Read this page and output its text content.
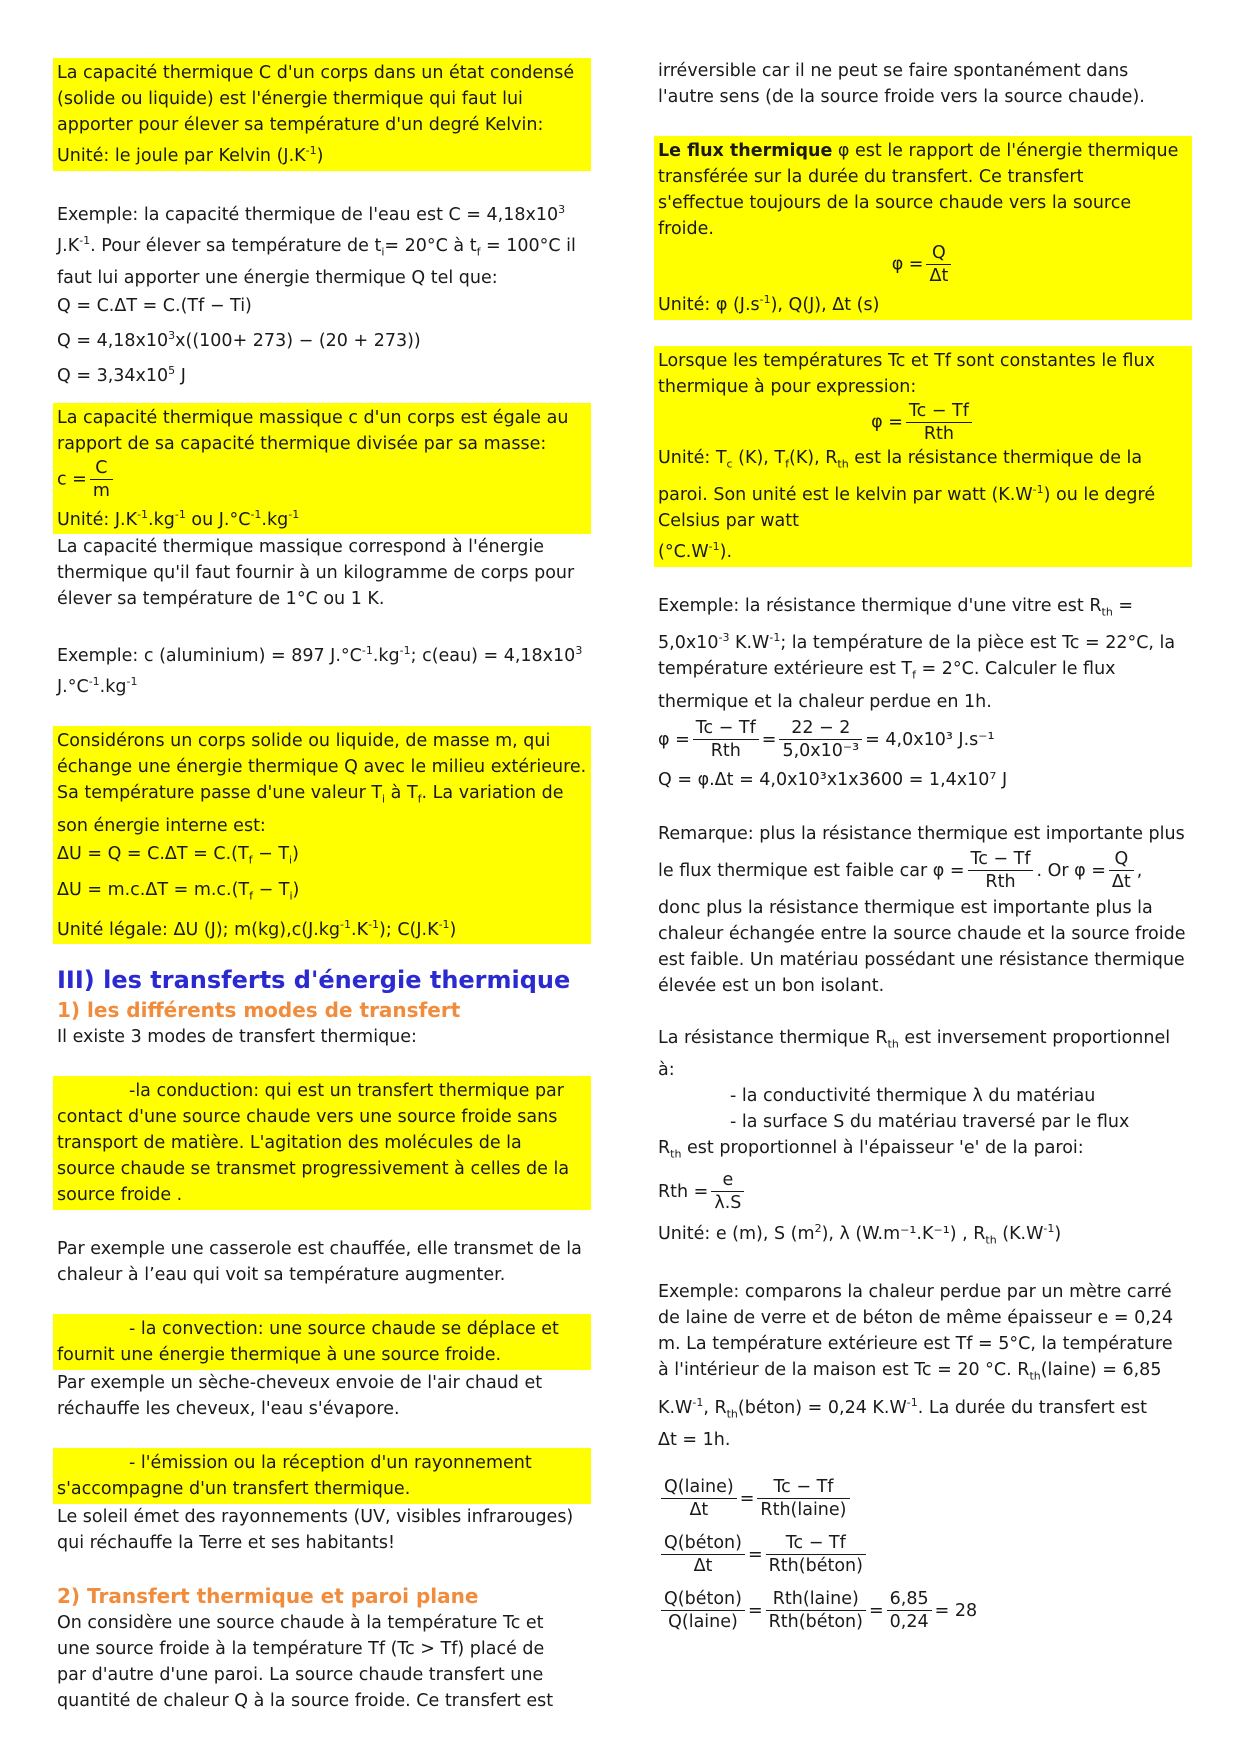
La capacité thermique C d'un corps dans un état condensé

(solide ou liquide) est l'énergie thermique qui faut lui

apporter pour élever sa température d'un degré Kelvin:

Unité: le joule par Kelvin $(J.K^{-1})$

Exemple: la capacité thermique de l'eau est $C = 4,18x10^3$

$J.K^{-1}$. Pour élever sa température de $t_i= 20^\circ C$ à $t_f = 100^\circ C$ il

faut lui apporter une énergie thermique Q tel que:

Q = C.ΔT = C.(Tf − Ti)

$Q = 4,18x10^3x((100+ 273) - (20 + 273))$

$Q = 3,34x10^5$ J

La capacité thermique massique c d'un corps est égale au

rapport de sa capacité thermique divisée par sa masse:

$c = \frac{C}{m}$

Unité: $J.K^{-1}.kg^{-1}$ ou $J.^\circ C^{-1}.kg^{-1}$

La capacité thermique massique correspond à l'énergie

thermique qu'il faut fournir à un kilogramme de corps pour

élever sa température de 1°C ou 1 K.

Exemple: c (aluminium) = 897 $J.^\circ C^{-1}.kg^{-1}$; $c(eau) = 4,18x10^3$

$J.^\circ C^{-1}.kg^{-1}$

Considérons un corps solide ou liquide, de masse m, qui

échange une énergie thermique Q avec le milieu extérieure.

Sa température passe d'une valeur $T_i$ à $T_f$. La variation de

son énergie interne est:

$\Delta U = Q = C.\Delta T = C.(T_f - T_i)$

$\Delta U = m.c.\Delta T = m.c.(T_f - T_i)$

Unité légale: ΔU (J); $m(kg),c(J.kg^{-1}.K^{-1})$; $C(J.K^{-1})$

III) les transferts d'énergie thermique
1) les différents modes de transfert

Il existe 3 modes de transfert thermique:

-la conduction: qui est un transfert thermique par

contact d'une source chaude vers une source froide sans

transport de matière. L'agitation des molécules de la

source chaude se transmet progressivement à celles de la

source froide .

Par exemple une casserole est chauffée, elle transmet de la

chaleur à l’eau qui voit sa température augmenter.

- la convection: une source chaude se déplace et

fournit une énergie thermique à une source froide.

Par exemple un sèche-cheveux envoie de l'air chaud et

réchauffe les cheveux, l'eau s'évapore.

- l'émission ou la réception d'un rayonnement

s'accompagne d'un transfert thermique.

Le soleil émet des rayonnements (UV, visibles infrarouges)

qui réchauffe la Terre et ses habitants!

2) Transfert thermique et paroi plane

On considère une source chaude à la température Tc et

une source froide à la température Tf (Tc > Tf) placé de

par d'autre d'une paroi. La source chaude transfert une

quantité de chaleur Q à la source froide. Ce transfert est

irréversible car il ne peut se faire spontanément dans

l'autre sens (de la source froide vers la source chaude).

Le flux thermique φ est le rapport de l'énergie thermique

transférée sur la durée du transfert. Ce transfert

s'effectue toujours de la source chaude vers la source

froide.

$\varphi = \frac{Q}{\Delta t}$

Unité: φ $(J.s^{-1})$, Q(J), Δt (s)

Lorsque les températures Tc et Tf sont constantes le flux

thermique à pour expression:

$\varphi = \frac{Tc - Tf}{\text{Rth}}$

Unité: $T_c$ (K), $T_f(K)$, $R_{th}$ est la résistance thermique de la

paroi. Son unité est le kelvin par watt $(K.W^{-1})$ ou le degré

Celsius par watt

$(^\circ C.W^{-1})$.

Exemple: la résistance thermique d'une vitre est $R_{th}$ =

$5,0x10^{-3}$ $K.W^{-1}$; la température de la pièce est Tc = 22°C, la

température extérieure est $T_f = 2^\circ C$. Calculer le flux

thermique et la chaleur perdue en 1h.

$\varphi = \frac{Tc - Tf}{\text{Rth}} = \frac{22 - 2}{\text{5,0x10⁻³}} = 4,0x10^3$ J.s⁻¹

Q = φ.Δt = 4,0x10³x1x3600 = 1,4x10⁷ J

Remarque: plus la résistance thermique est importante plus

le flux thermique est faible car $\varphi = \frac{Tc - Tf}{\text{Rth}}$ . Or $\varphi = \frac{Q}{\Delta t}$ ,

donc plus la résistance thermique est importante plus la

chaleur échangée entre la source chaude et la source froide

est faible. Un matériau possédant une résistance thermique

élevée est un bon isolant.

La résistance thermique $R_{th}$ est inversement proportionnel

à:

- la conductivité thermique λ du matériau

- la surface S du matériau traversé par le flux

$R_{th}$ est proportionnel à l'épaisseur 'e' de la paroi:

Rth = $\frac{e}{\lambda.S}$

Unité: e (m), S $(m^2)$, λ (W.m⁻¹.K⁻¹) , $R_{th}$ $(K.W^{-1})$

Exemple: comparons la chaleur perdue par un mètre carré

de laine de verre et de béton de même épaisseur e = 0,24

m. La température extérieure est Tf = 5°C, la température

à l'intérieur de la maison est Tc = 20 °C. $R_{th}(laine) = 6,85$

$K.W^{-1}$, $R_{th}(béton) = 0,24$ $K.W^{-1}$. La durée du transfert est

Δt = 1h.

$\frac{\text{Q(laine)}}{\Delta t} = \frac{Tc - Tf}{\text{Rth(laine)}}$

$\frac{\text{Q(béton)}}{\Delta t} = \frac{Tc - Tf}{\text{Rth(béton)}}$

$\frac{\text{Q(béton)}}{\text{Q(laine)}} = \frac{\text{Rth(laine)}}{\text{Rth(béton)}} = \frac{6,85}{0,24} = 28$
